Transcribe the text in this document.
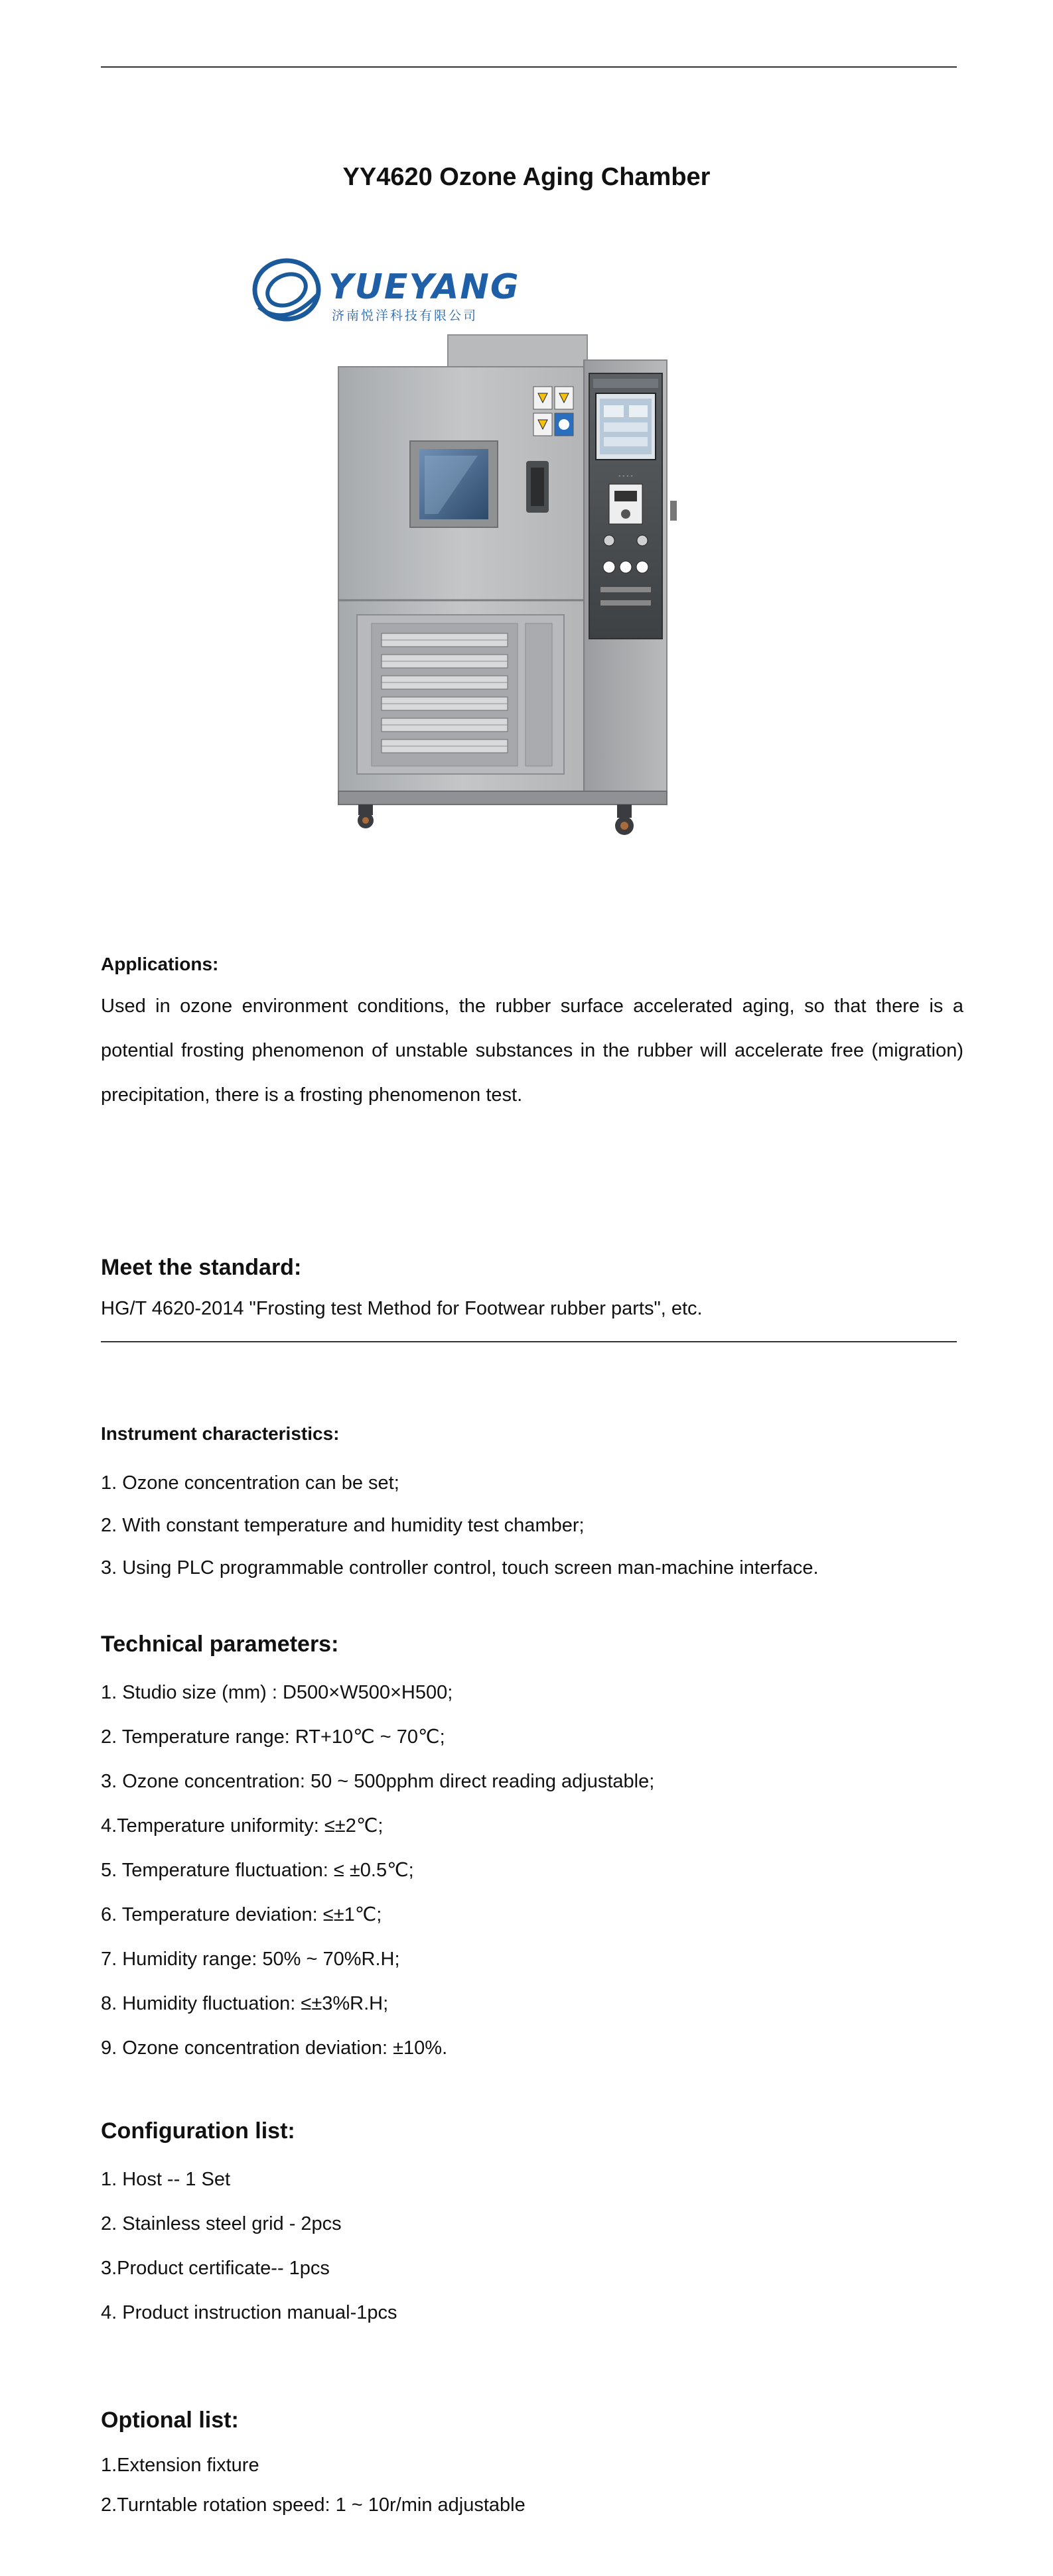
YY4620 Ozone Aging Chamber
YUEYANG
济南悦洋科技有限公司
- - - -

Applications:

Used in ozone environment conditions, the rubber surface accelerated aging, so that there is a potential frosting phenomenon of unstable substances in the rubber will accelerate free (migration) precipitation, there is a frosting phenomenon test.

Meet the standard:

HG/T 4620-2014 "Frosting test Method for Footwear rubber parts", etc.

Instrument characteristics:

1. Ozone concentration can be set;
2. With constant temperature and humidity test chamber;
3. Using PLC programmable controller control, touch screen man-machine interface.

Technical parameters:

1. Studio size (mm) : D500×W500×H500;
2. Temperature range: RT+10℃ ~ 70℃;
3. Ozone concentration: 50 ~ 500pphm direct reading adjustable;
4.Temperature uniformity: ≤±2℃;
5. Temperature fluctuation: ≤ ±0.5℃;
6. Temperature deviation: ≤±1℃;
7. Humidity range: 50% ~ 70%R.H;
8. Humidity fluctuation: ≤±3%R.H;
9. Ozone concentration deviation: ±10%.

Configuration list:

1. Host -- 1 Set
2. Stainless steel grid - 2pcs
3.Product certificate-- 1pcs
4. Product instruction manual-1pcs

Optional list:

1.Extension fixture
2.Turntable rotation speed: 1 ~ 10r/min adjustable
